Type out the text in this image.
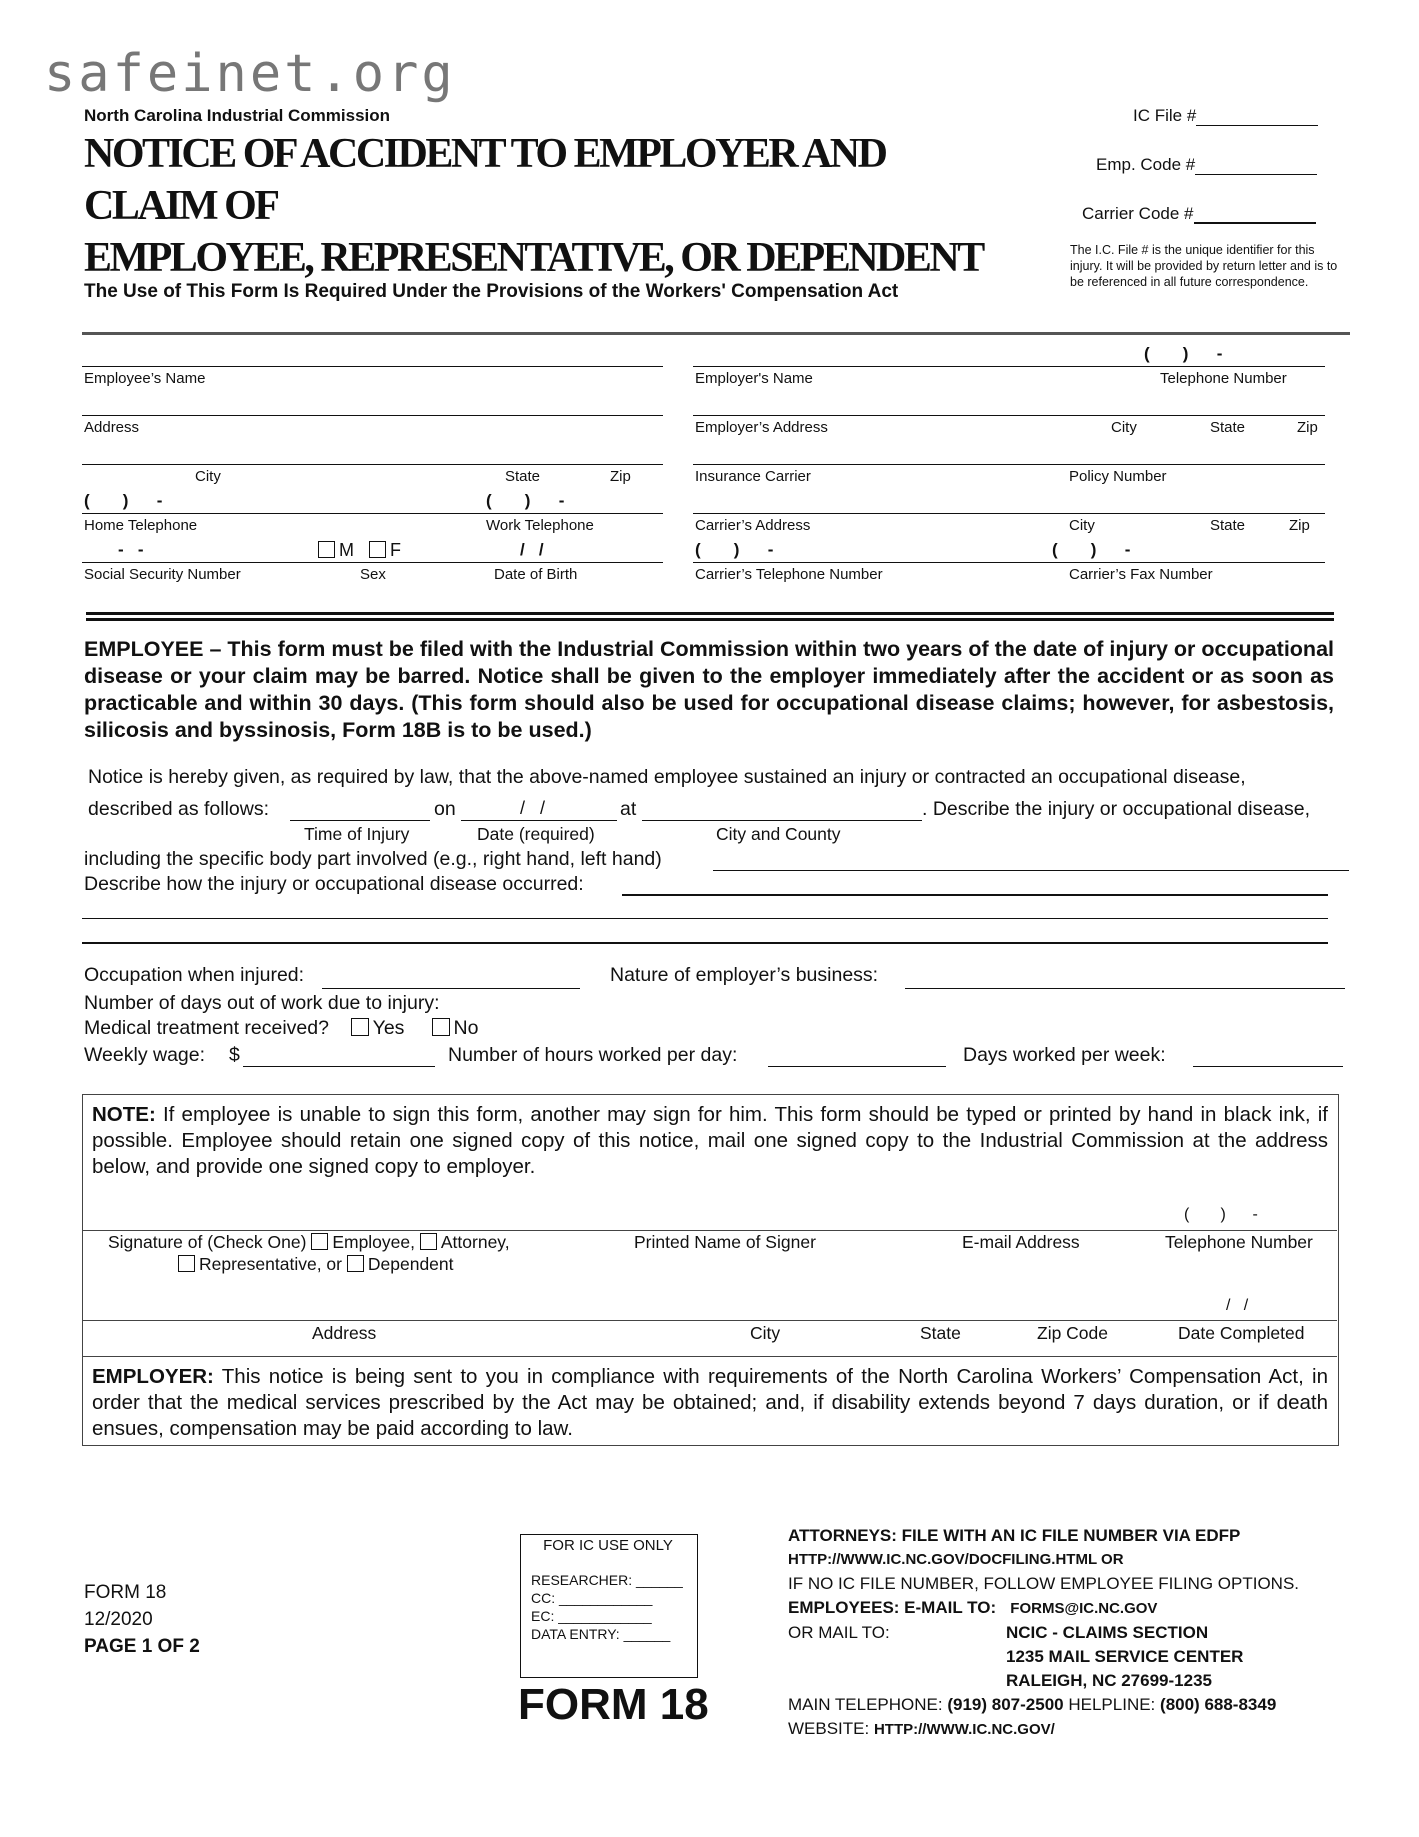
safeinet.org
North Carolina Industrial Commission
NOTICE OF ACCIDENT TO EMPLOYER AND CLAIM OF
EMPLOYEE, REPRESENTATIVE, OR DEPENDENT
IC File #
Emp. Code #
Carrier Code #
The I.C. File # is the unique identifier for this injury. It will be provided by return letter and is to be referenced in all future correspondence.
The Use of This Form Is Required Under the Provisions of the Workers' Compensation Act
Employee’s Name
Address
City	State	Zip
(       )      -	(       )      -
Home Telephone	Work Telephone
-   -	M F	/   /
Social Security Number	Sex	Date of Birth
(       )      -
Employer's Name	Telephone Number
Employer’s Address	City	State	Zip
Insurance Carrier	Policy Number
Carrier’s Address	City	State	Zip
(       )      -	(       )      -
Carrier’s Telephone Number	Carrier’s Fax Number
EMPLOYEE – This form must be filed with the Industrial Commission within two years of the date of injury or occupational disease or your claim may be barred. Notice shall be given to the employer immediately after the accident or as soon as practicable and within 30 days. (This form should also be used for occupational disease claims; however, for asbestosis, silicosis and byssinosis, Form 18B is to be used.)
Notice is hereby given, as required by law, that the above-named employee sustained an injury or contracted an occupational disease,
described as follows:	on	/   /	at	. Describe the injury or occupational disease,
Time of Injury	Date (required)	City and County
including the specific body part involved (e.g., right hand, left hand)
Describe how the injury or occupational disease occurred:
Occupation when injured:	Nature of employer’s business:
Number of days out of work due to injury:
Medical treatment received? Yes	No
Weekly wage: $	Number of hours worked per day:	Days worked per week:
NOTE: If employee is unable to sign this form, another may sign for him. This form should be typed or printed by hand in black ink, if possible. Employee should retain one signed copy of this notice, mail one signed copy to the Industrial Commission at the address below, and provide one signed copy to employer.
(       )      -
Signature of (Check One) Employee, Attorney,
Representative, or Dependent
Printed Name of Signer	E-mail Address	Telephone Number
/   /
Address	City	State	Zip Code	Date Completed
EMPLOYER: This notice is being sent to you in compliance with requirements of the North Carolina Workers’ Compensation Act, in order that the medical services prescribed by the Act may be obtained; and, if disability extends beyond 7 days duration, or if death ensues, compensation may be paid according to law.
FORM 18
12/2020
PAGE 1 OF 2
FOR IC USE ONLY
RESEARCHER: ______
CC: ____________
EC: ____________
DATA ENTRY: ______
FORM 18
ATTORNEYS: FILE WITH AN IC FILE NUMBER VIA EDFP
HTTP://WWW.IC.NC.GOV/DOCFILING.HTML OR
IF NO IC FILE NUMBER, FOLLOW EMPLOYEE FILING OPTIONS.
EMPLOYEES: E-MAIL TO: FORMS@IC.NC.GOV
OR MAIL TO:	NCIC - CLAIMS SECTION
1235 MAIL SERVICE CENTER
RALEIGH, NC 27699-1235
MAIN TELEPHONE: (919) 807-2500 HELPLINE: (800) 688-8349
WEBSITE: HTTP://WWW.IC.NC.GOV/
